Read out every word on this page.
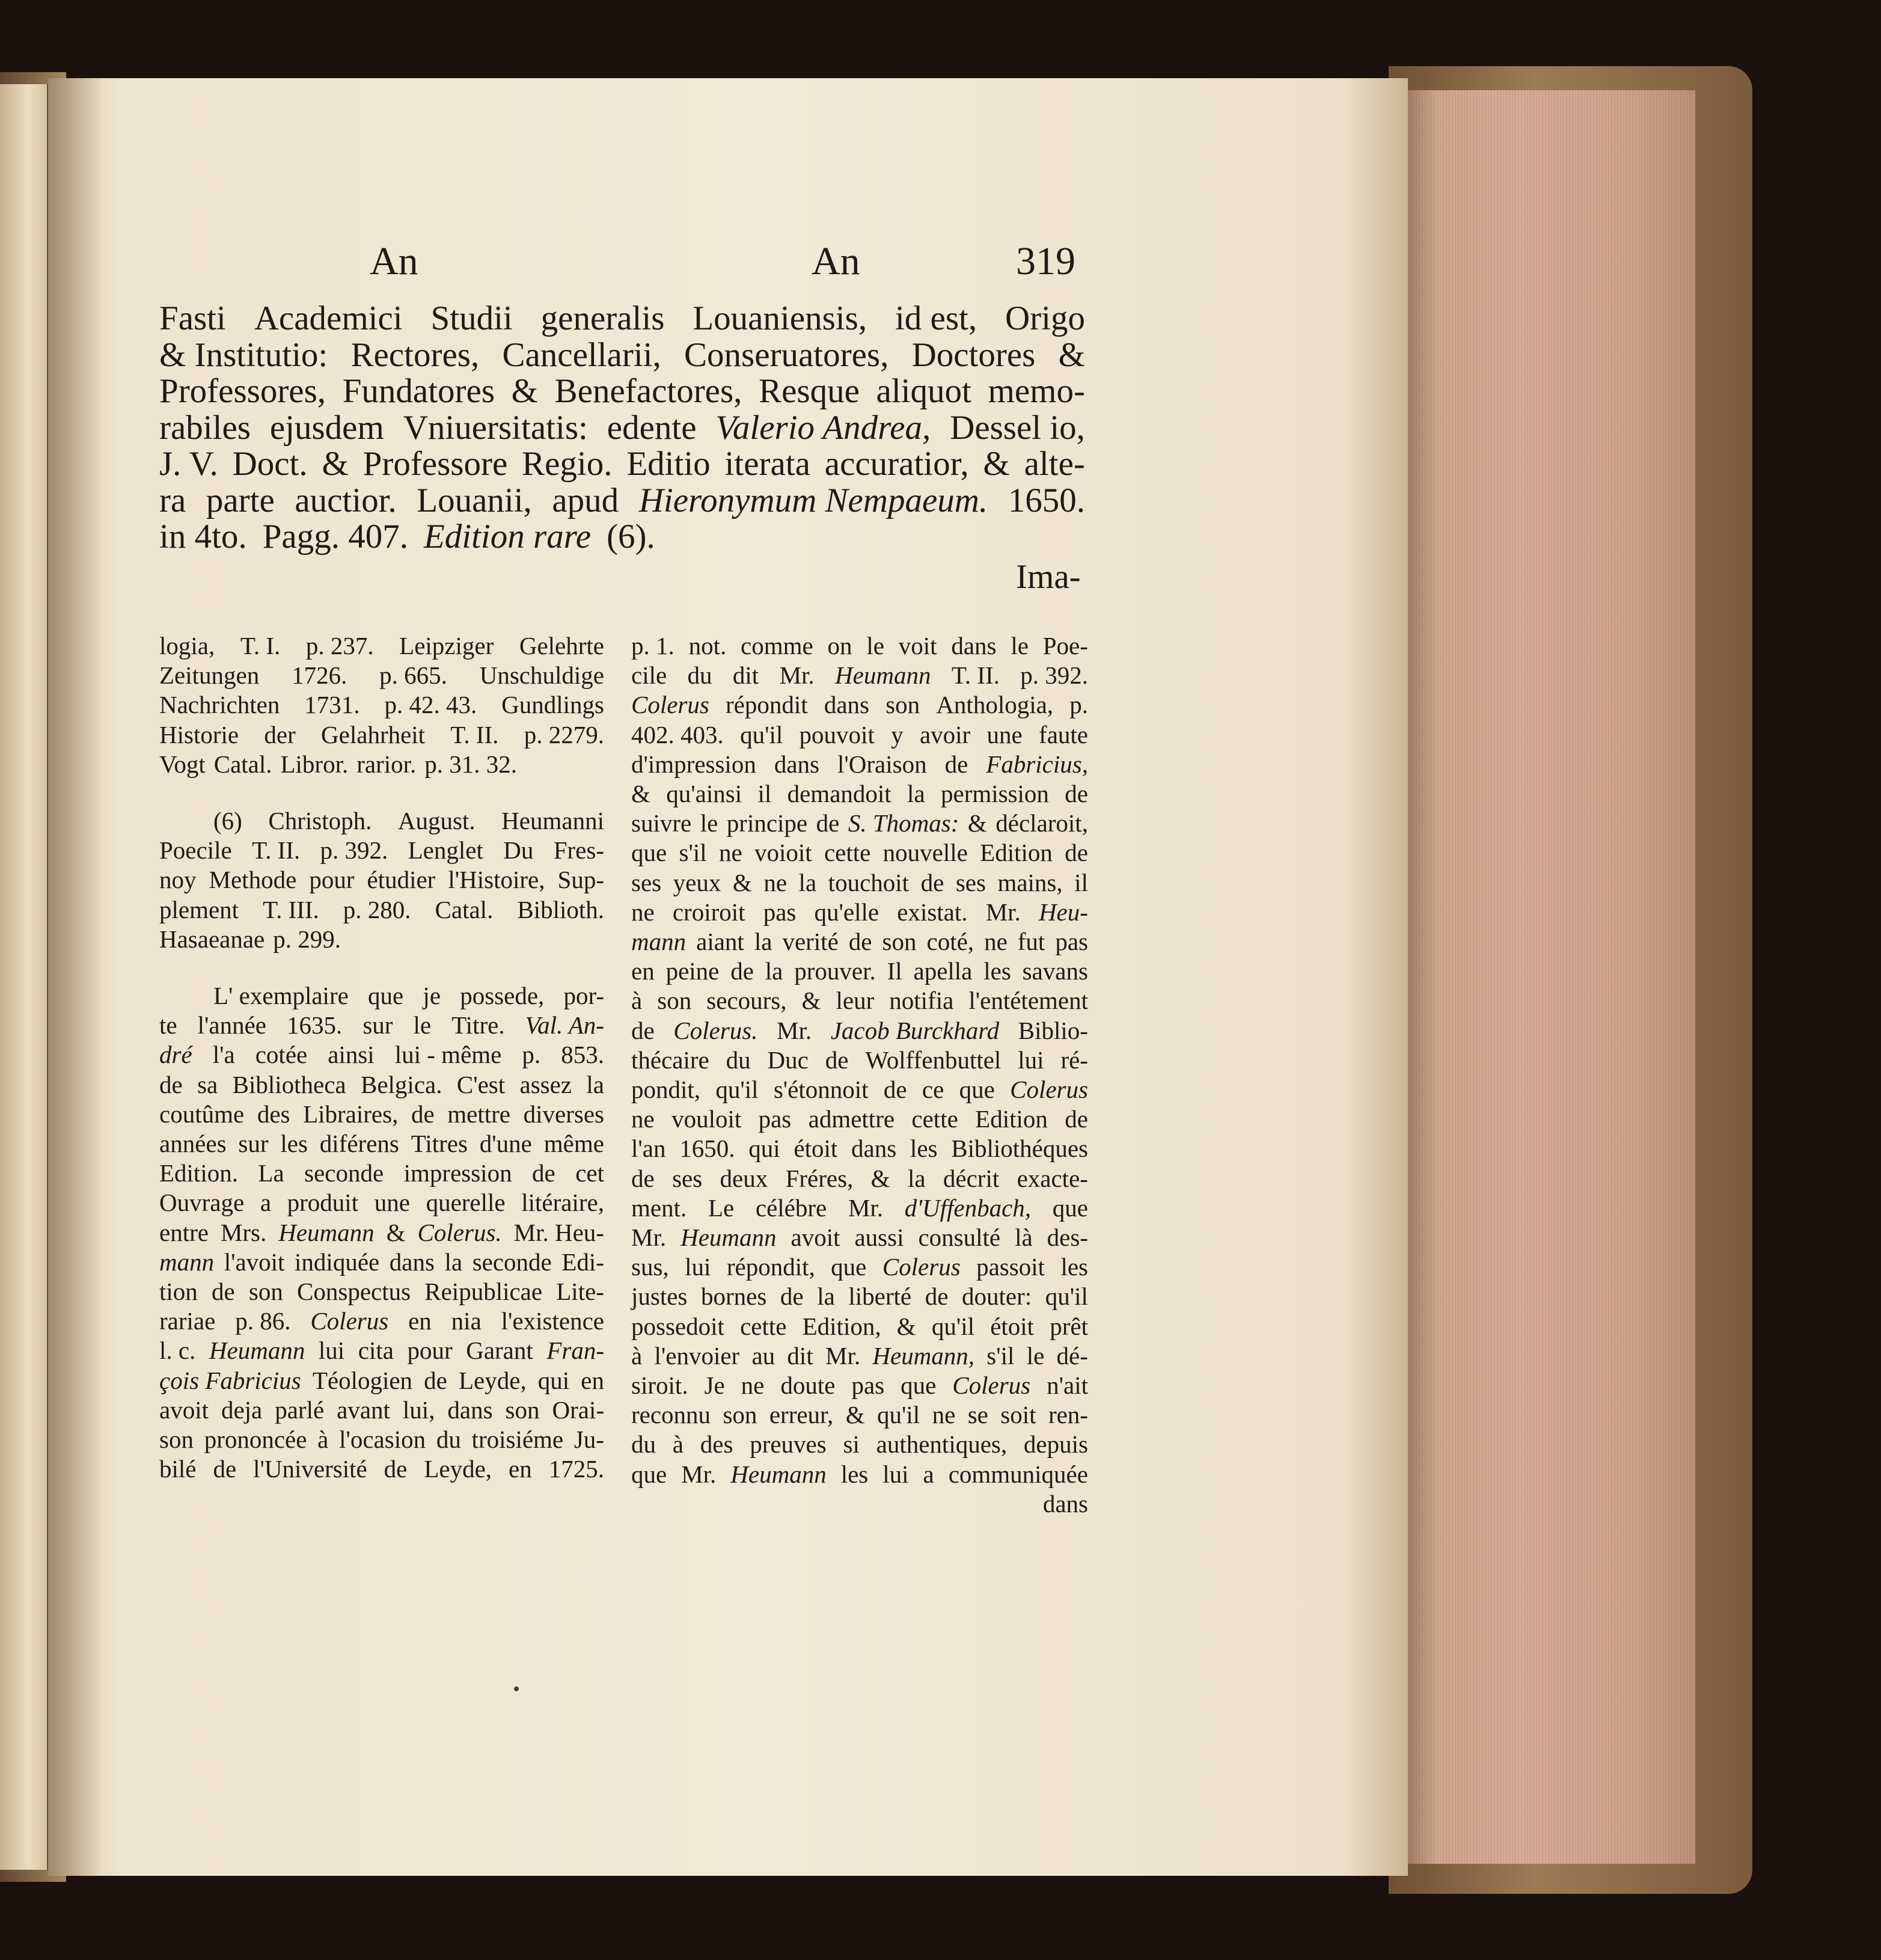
An	An	319
Fasti Academici Studii generalis Louaniensis, id est, Origo
& Institutio: Rectores, Cancellarii, Conseruatores, Doctores &
Professores, Fundatores & Benefactores, Resque aliquot memo-
rabiles ejusdem Vniuersitatis: edente Valerio Andrea, Dessel io,
J. V. Doct. & Professore Regio. Editio iterata accuratior, & alte-
ra parte auctior. Louanii, apud Hieronymum Nempaeum. 1650.
in 4to. Pagg. 407. Edition rare (6).
Ima-
logia, T. I. p. 237. Leipziger Gelehrte
Zeitungen 1726. p. 665. Unschuldige
Nachrichten 1731. p. 42. 43. Gundlings
Historie der Gelahrheit T. II. p. 2279.
Vogt Catal. Libror. rarior. p. 31. 32.
(6) Christoph. August. Heumanni
Poecile T. II. p. 392. Lenglet Du Fres-
noy Methode pour étudier l'Histoire, Sup-
plement T. III. p. 280. Catal. Biblioth.
Hasaeanae p. 299.
L' exemplaire que je possede, por-
te l'année 1635. sur le Titre. Val. An-
dré l'a cotée ainsi lui - même p. 853.
de sa Bibliotheca Belgica. C'est assez la
coutûme des Libraires, de mettre diverses
années sur les diférens Titres d'une même
Edition. La seconde impression de cet
Ouvrage a produit une querelle litéraire,
entre Mrs. Heumann & Colerus. Mr. Heu-
mann l'avoit indiquée dans la seconde Edi-
tion de son Conspectus Reipublicae Lite-
rariae p. 86. Colerus en nia l'existence
l. c. Heumann lui cita pour Garant Fran-
çois Fabricius Téologien de Leyde, qui en
avoit deja parlé avant lui, dans son Orai-
son prononcée à l'ocasion du troisiéme Ju-
bilé de l'Université de Leyde, en 1725.
p. 1. not. comme on le voit dans le Poe-
cile du dit Mr. Heumann T. II. p. 392.
Colerus répondit dans son Anthologia, p.
402. 403. qu'il pouvoit y avoir une faute
d'impression dans l'Oraison de Fabricius,
& qu'ainsi il demandoit la permission de
suivre le principe de S. Thomas: & déclaroit,
que s'il ne voioit cette nouvelle Edition de
ses yeux & ne la touchoit de ses mains, il
ne croiroit pas qu'elle existat. Mr. Heu-
mann aiant la verité de son coté, ne fut pas
en peine de la prouver. Il apella les savans
à son secours, & leur notifia l'entétement
de Colerus. Mr. Jacob Burckhard Biblio-
thécaire du Duc de Wolffenbuttel lui ré-
pondit, qu'il s'étonnoit de ce que Colerus
ne vouloit pas admettre cette Edition de
l'an 1650. qui étoit dans les Bibliothéques
de ses deux Fréres, & la décrit exacte-
ment. Le célébre Mr. d'Uffenbach, que
Mr. Heumann avoit aussi consulté là des-
sus, lui répondit, que Colerus passoit les
justes bornes de la liberté de douter: qu'il
possedoit cette Edition, & qu'il étoit prêt
à l'envoier au dit Mr. Heumann, s'il le dé-
siroit. Je ne doute pas que Colerus n'ait
reconnu son erreur, & qu'il ne se soit ren-
du à des preuves si authentiques, depuis
que Mr. Heumann les lui a communiquée
dans
